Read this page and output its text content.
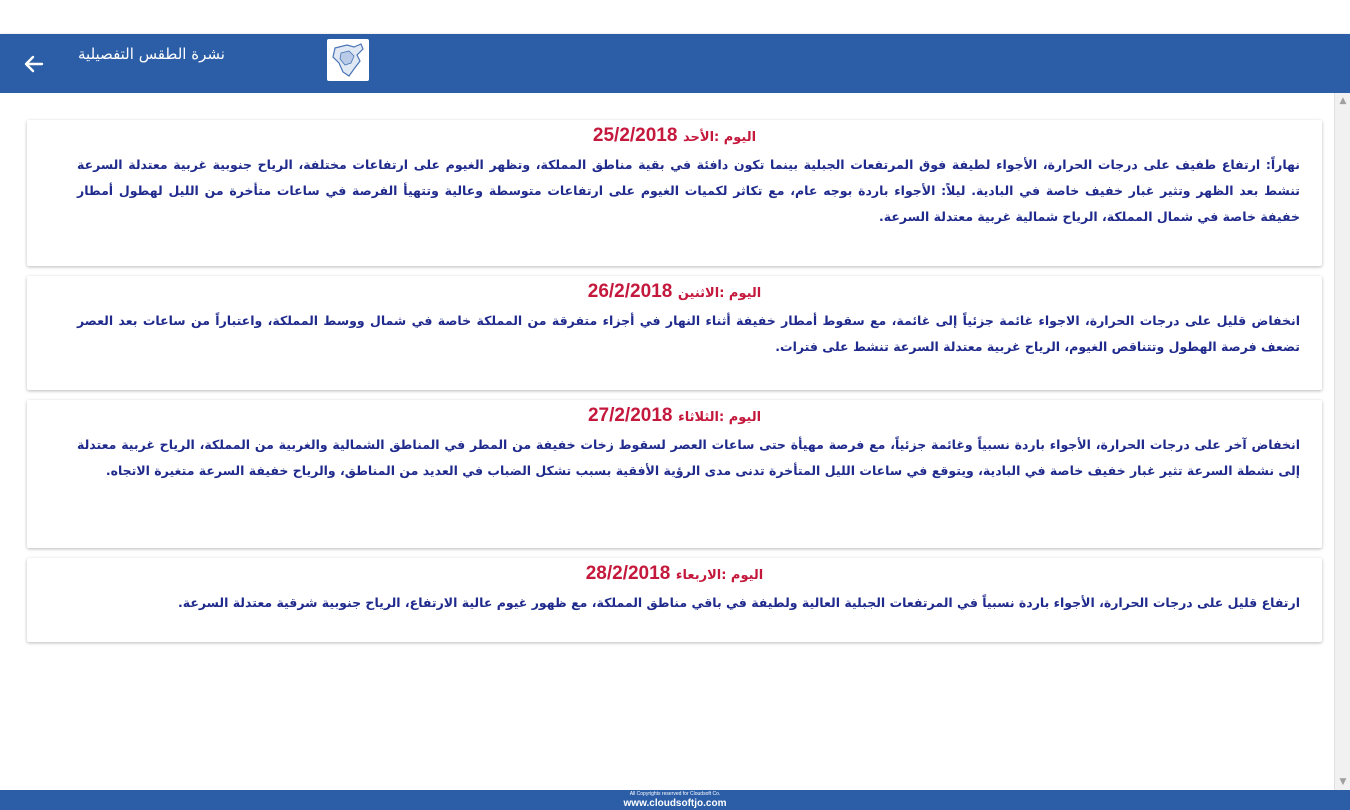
نشرة الطقس التفصيلية
اليوم :الأحد 25/2/2018
نهاراً: ارتفاع طفيف على درجات الحرارة، الأجواء لطيفة فوق المرتفعات الجبلية بينما تكون دافئة في بقية مناطق المملكة، وتظهر الغيوم على ارتفاعات مختلفة، الرياح جنوبية غربية معتدلة السرعة تنشط بعد الظهر وتثير غبار خفيف خاصة في البادية. ليلاً: الأجواء باردة بوجه عام، مع تكاثر لكميات الغيوم على ارتفاعات متوسطة وعالية وتتهيأ الفرصة في ساعات متأخرة من الليل لهطول أمطار خفيفة خاصة في شمال المملكة، الرياح شمالية غربية معتدلة السرعة.
اليوم :الاثنين 26/2/2018
انخفاض قليل على درجات الحرارة، الاجواء غائمة جزئياً إلى غائمة، مع سقوط أمطار خفيفة أثناء النهار في أجزاء متفرقة من المملكة خاصة في شمال ووسط المملكة، واعتباراً من ساعات بعد العصر تضعف فرصة الهطول وتتناقص الغيوم، الرياح غربية معتدلة السرعة تنشط على فترات.
اليوم :الثلاثاء 27/2/2018
انخفاض آخر على درجات الحرارة، الأجواء باردة نسبياً وغائمة جزئياً، مع فرصة مهيأة حتى ساعات العصر لسقوط زخات خفيفة من المطر في المناطق الشمالية والغربية من المملكة، الرياح غربية معتدلة إلى نشطة السرعة تثير غبار خفيف خاصة في البادية، ويتوقع في ساعات الليل المتأخرة تدنى مدى الرؤية الأفقية بسبب تشكل الضباب في العديد من المناطق، والرياح خفيفة السرعة متغيرة الاتجاه.
اليوم :الاربعاء 28/2/2018
ارتفاع قليل على درجات الحرارة، الأجواء باردة نسبياً في المرتفعات الجبلية العالية ولطيفة في باقي مناطق المملكة، مع ظهور غيوم عالية الارتفاع، الرياح جنوبية شرقية معتدلة السرعة.
▲
▼
All Copyrights reserved for Cloudsoft Co.
www.cloudsoftjo.com
